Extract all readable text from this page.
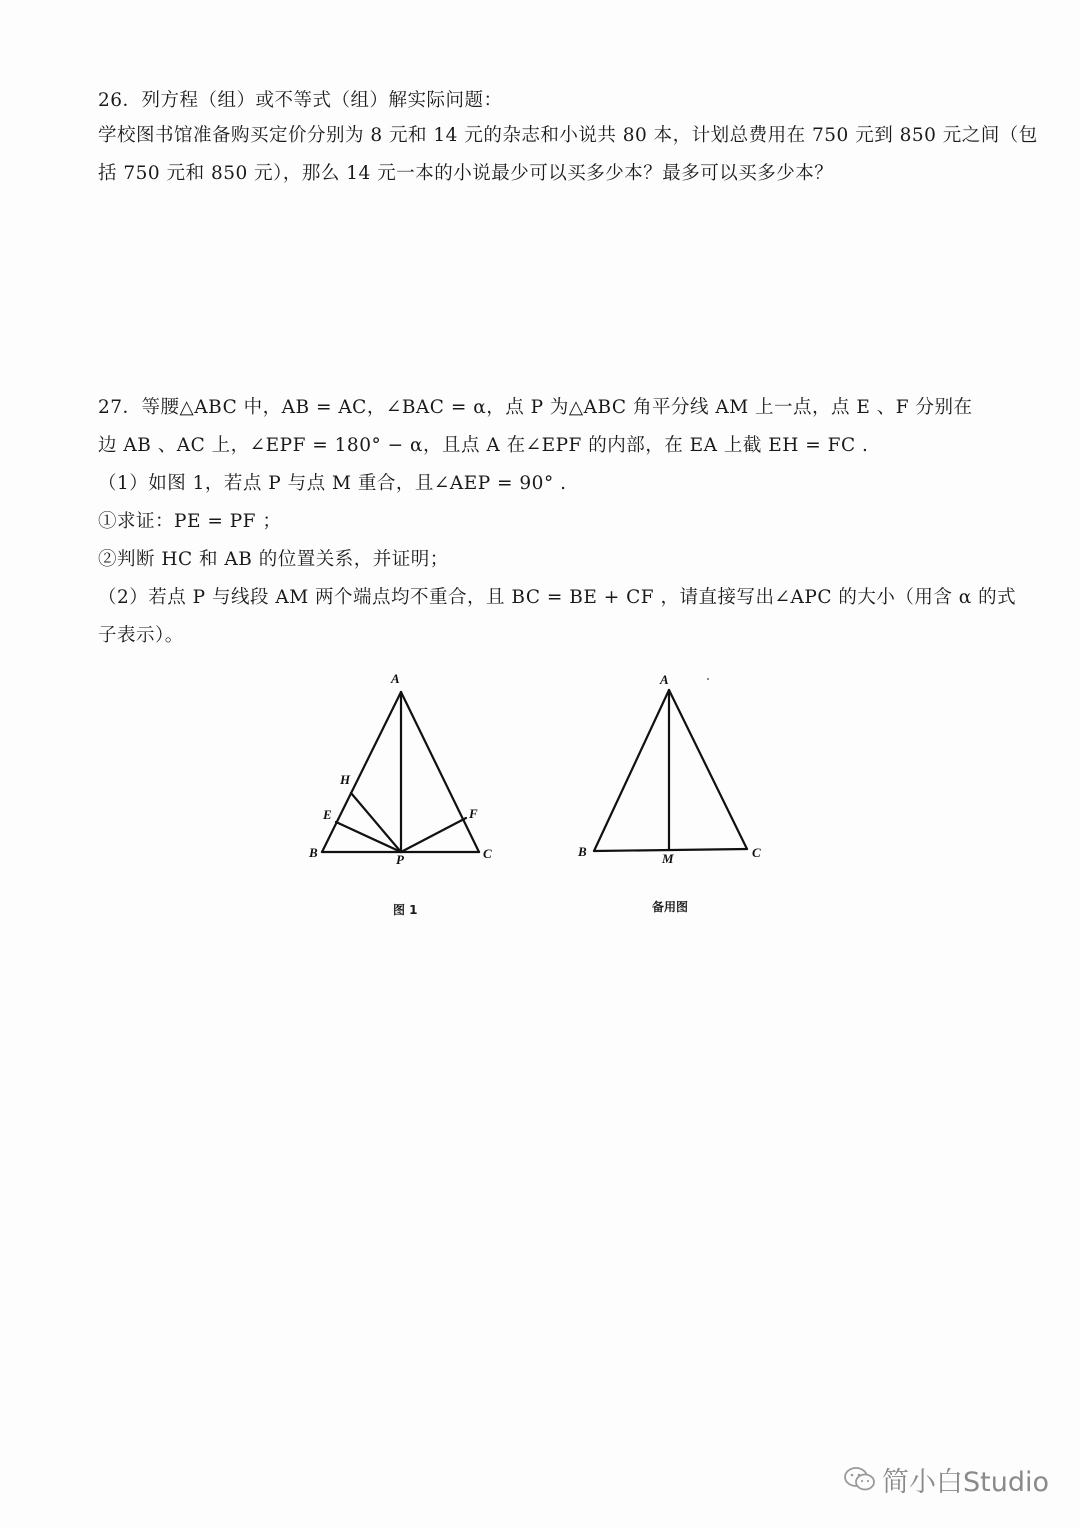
26．列方程（组）或不等式（组）解实际问题：
学校图书馆准备购买定价分别为 8 元和 14 元的杂志和小说共 80 本，计划总费用在 750 元到 850 元之间（包
括 750 元和 850 元），那么 14 元一本的小说最少可以买多少本？最多可以买多少本？
27．等腰△ABC 中，AB = AC，∠BAC = α，点 P 为△ABC 角平分线 AM 上一点，点 E 、F 分别在
边 AB 、AC 上，∠EPF = 180° − α，且点 A 在∠EPF 的内部，在 EA 上截 EH = FC .
（1）如图 1，若点 P 与点 M 重合，且∠AEP = 90° .
①求证：PE = PF ；
②判断 HC 和 AB 的位置关系，并证明；
（2）若点 P 与线段 AM 两个端点均不重合，且 BC = BE + CF ，请直接写出∠APC 的大小（用含 α 的式
子表示）。
A
B	C
E	F
H
P
A
B	C
M
图 1	备用图
简小白Studio
